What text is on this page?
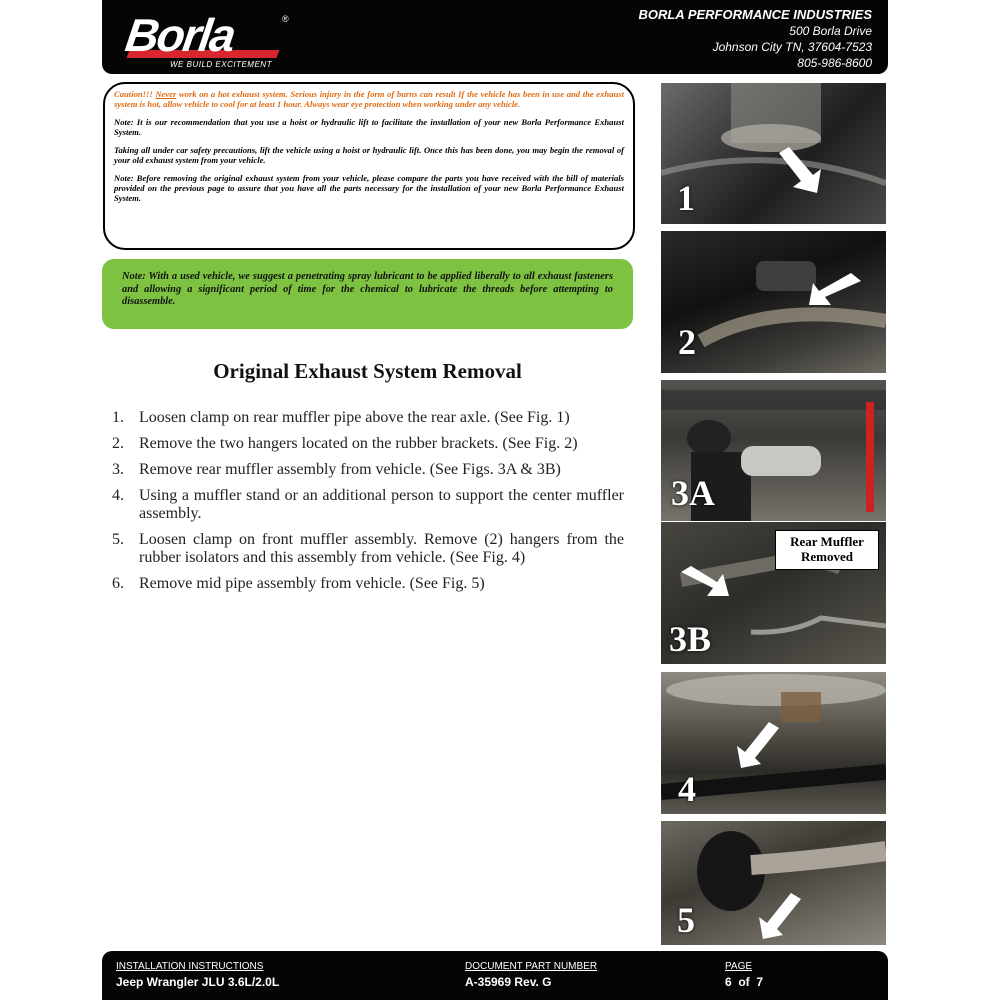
Borla	®
WE BUILD EXCITEMENT
BORLA PERFORMANCE INDUSTRIES
500 Borla Drive
Johnson City TN, 37604-7523
805-986-8600

Caution!!! Never work on a hot exhaust system. Serious injury in the form of burns can result If the vehicle has been in use and the exhaust system is hot, allow vehicle to cool for at least 1 hour. Always wear eye protection when working under any vehicle.

Note: It is our recommendation that you use a hoist or hydraulic lift to facilitate the installation of your new Borla Performance Exhaust System.

Taking all under car safety precautions, lift the vehicle using a hoist or hydraulic lift. Once this has been done, you may begin the removal of your old exhaust system from your vehicle.

Note: Before removing the original exhaust system from your vehicle, please compare the parts you have received with the bill of materials provided on the previous page to assure that you have all the parts necessary for the installation of your new Borla Performance Exhaust System.

Note: With a used vehicle, we suggest a penetrating spray lubricant to be applied liberally to all exhaust fasteners and allowing a significant period of time for the chemical to lubricate the threads before attempting to disassemble.
Original Exhaust System Removal
1. Loosen clamp on rear muffler pipe above the rear axle. (See Fig. 1)
2. Remove the two hangers located on the rubber brackets. (See Fig. 2)
3. Remove rear muffler assembly from vehicle. (See Figs. 3A & 3B)
4. Using a muffler stand or an additional person to support the center muffler assembly.
5. Loosen clamp on front muffler assembly. Remove (2) hangers from the rubber isolators and this assembly from vehicle. (See Fig. 4)
6. Remove mid pipe assembly from vehicle. (See Fig. 5)
1
2
3A
3B
Rear Muffler
Removed
4
5
INSTALLATION INSTRUCTIONS
Jeep Wrangler JLU 3.6L/2.0L
DOCUMENT PART NUMBER
A-35969 Rev. G
PAGE
6  of  7
